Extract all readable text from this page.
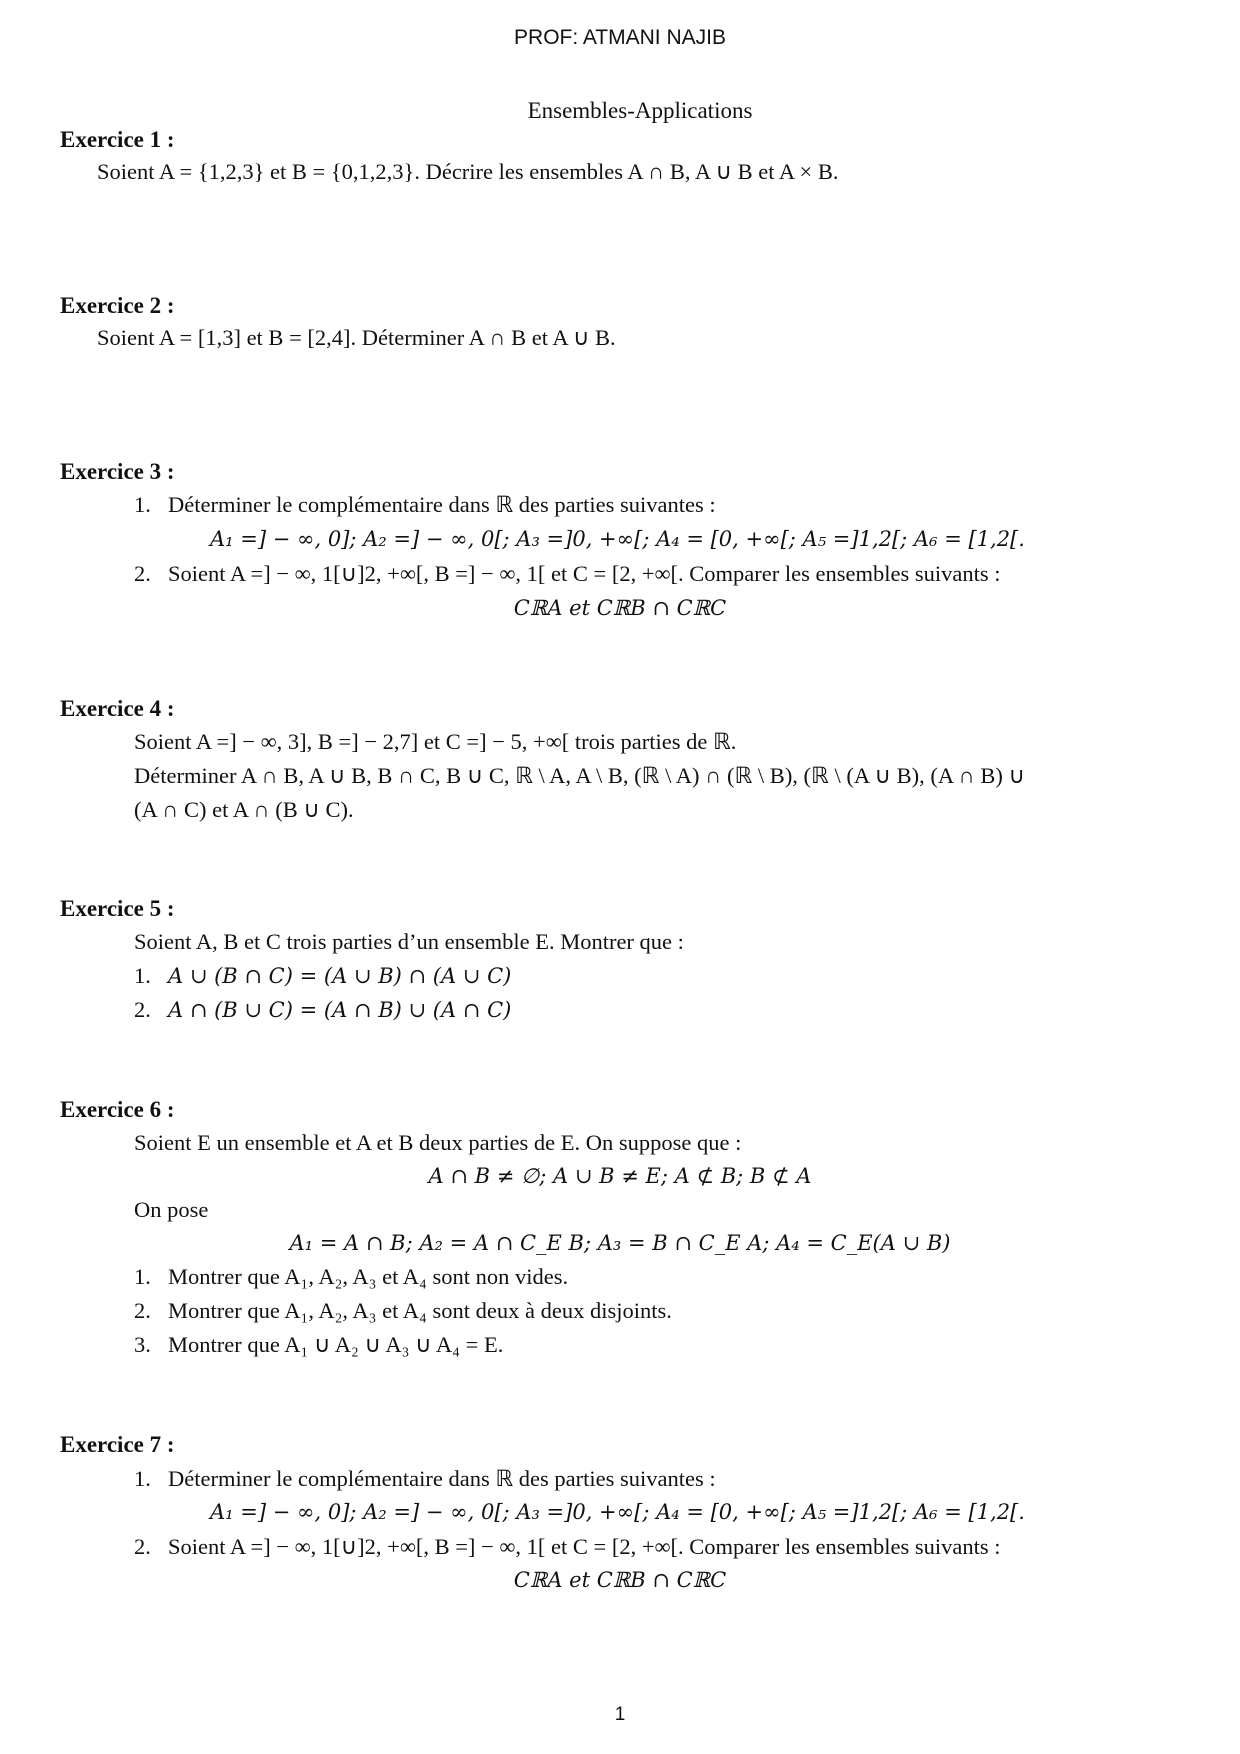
PROF: ATMANI NAJIB
Ensembles-Applications
Exercice 1 :
Soient A = {1,2,3} et B = {0,1,2,3}. Décrire les ensembles A ∩ B, A ∪ B et A × B.
Exercice 2 :
Soient A = [1,3] et B = [2,4]. Déterminer A ∩ B et A ∪ B.
Exercice 3 :
1. Déterminer le complémentaire dans ℝ des parties suivantes :
A₁ =] − ∞, 0]; A₂ =] − ∞, 0[; A₃ =]0, +∞[; A₄ = [0, +∞[; A₅ =]1,2[; A₆ = [1,2[.
2. Soient A =] − ∞, 1[∪]2, +∞[, B =] − ∞, 1[ et C = [2, +∞[. Comparer les ensembles suivants :
CℝA et CℝB ∩ CℝC
Exercice 4 :
Soient A =] − ∞, 3], B =] − 2,7] et C =] − 5, +∞[ trois parties de ℝ.
Déterminer A ∩ B, A ∪ B, B ∩ C, B ∪ C, ℝ \ A, A \ B, (ℝ \ A) ∩ (ℝ \ B), (ℝ \ (A ∪ B), (A ∩ B) ∪
(A ∩ C) et A ∩ (B ∪ C).
Exercice 5 :
Soient A, B et C trois parties d’un ensemble E. Montrer que :
1. A ∪ (B ∩ C) = (A ∪ B) ∩ (A ∪ C)
2. A ∩ (B ∪ C) = (A ∩ B) ∪ (A ∩ C)
Exercice 6 :
Soient E un ensemble et A et B deux parties de E. On suppose que :
A ∩ B ≠ ∅; A ∪ B ≠ E; A ⊄ B; B ⊄ A
On pose
A₁ = A ∩ B; A₂ = A ∩ C_E B; A₃ = B ∩ C_E A; A₄ = C_E(A ∪ B)
1. Montrer que A₁, A₂, A₃ et A₄ sont non vides.
2. Montrer que A₁, A₂, A₃ et A₄ sont deux à deux disjoints.
3. Montrer que A₁ ∪ A₂ ∪ A₃ ∪ A₄ = E.
Exercice 7 :
1. Déterminer le complémentaire dans ℝ des parties suivantes :
A₁ =] − ∞, 0]; A₂ =] − ∞, 0[; A₃ =]0, +∞[; A₄ = [0, +∞[; A₅ =]1,2[; A₆ = [1,2[.
2. Soient A =] − ∞, 1[∪]2, +∞[, B =] − ∞, 1[ et C = [2, +∞[. Comparer les ensembles suivants :
CℝA et CℝB ∩ CℝC
1
